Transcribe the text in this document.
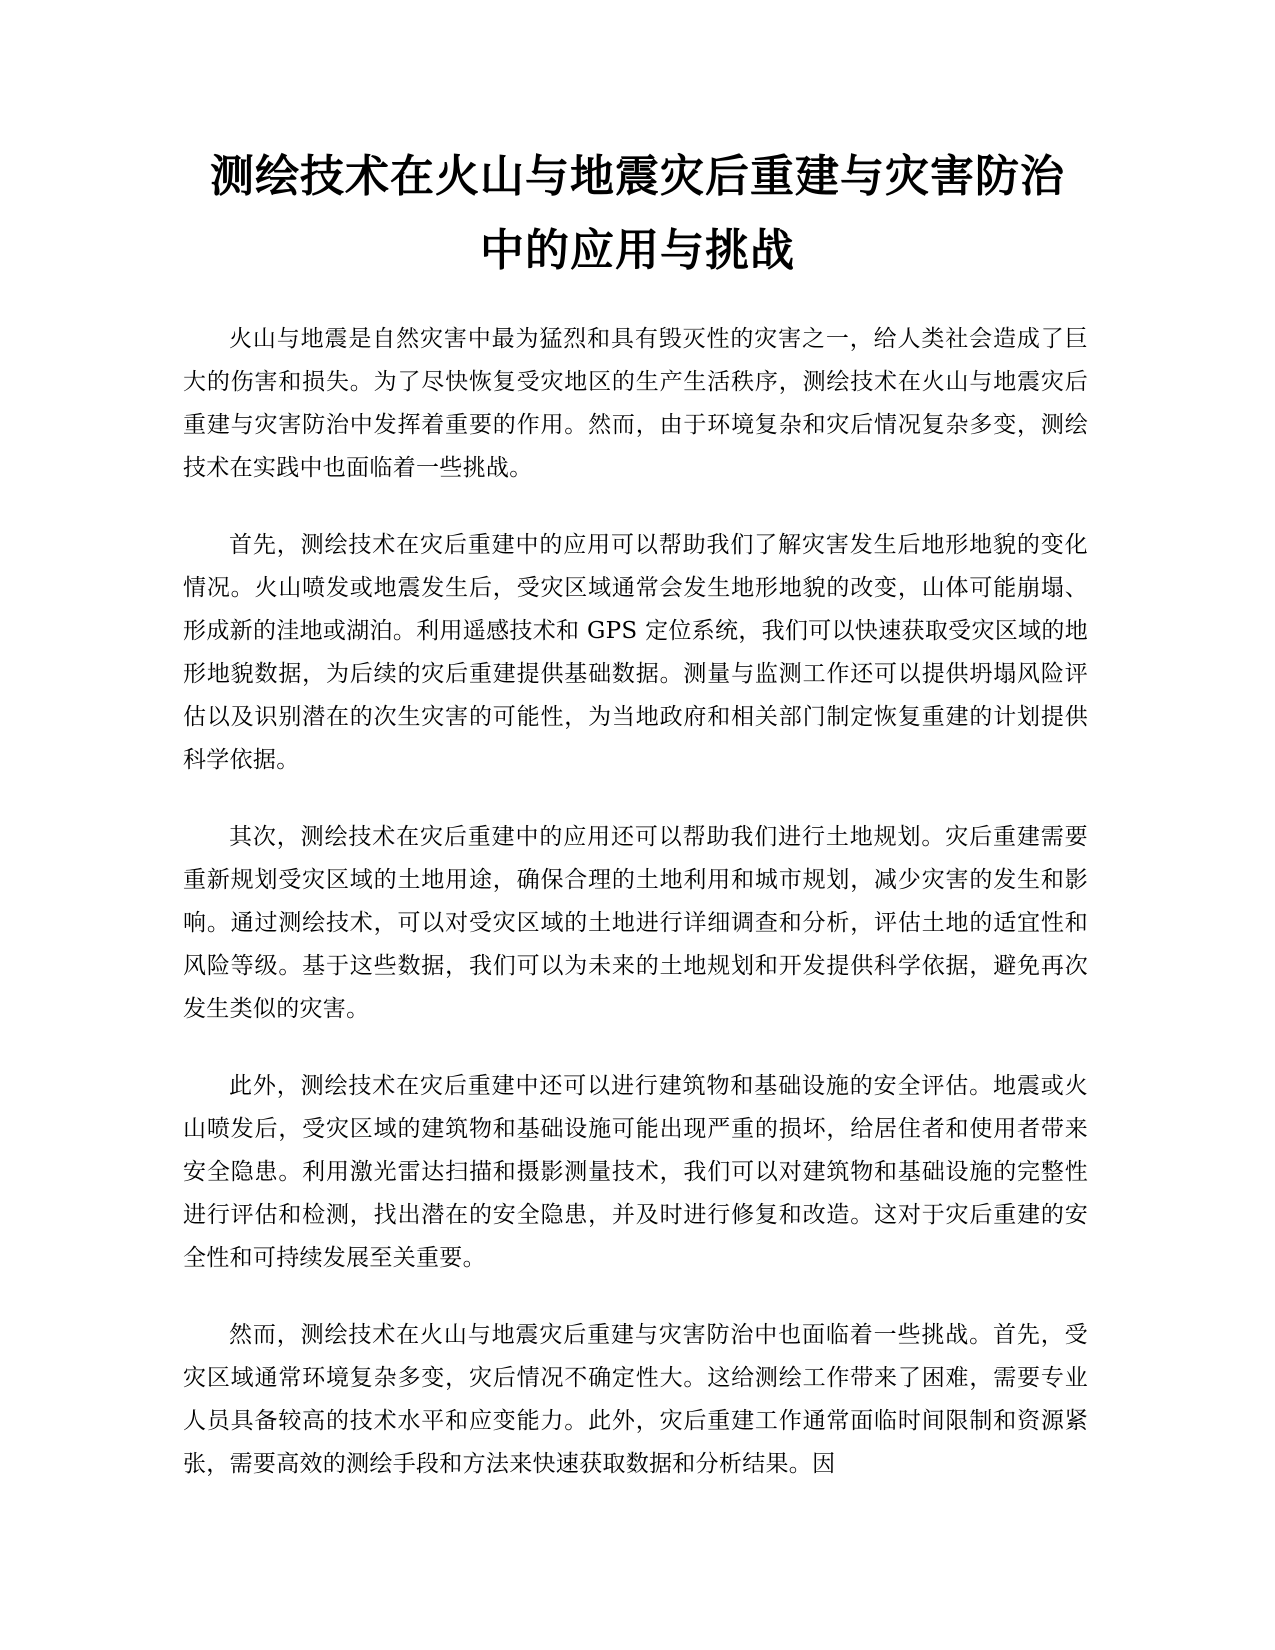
测绘技术在火山与地震灾后重建与灾害防治
中的应用与挑战

火山与地震是自然灾害中最为猛烈和具有毁灭性的灾害之一，给人类社会造成了巨大的伤害和损失。为了尽快恢复受灾地区的生产生活秩序，测绘技术在火山与地震灾后重建与灾害防治中发挥着重要的作用。然而，由于环境复杂和灾后情况复杂多变，测绘技术在实践中也面临着一些挑战。

首先，测绘技术在灾后重建中的应用可以帮助我们了解灾害发生后地形地貌的变化情况。火山喷发或地震发生后，受灾区域通常会发生地形地貌的改变，山体可能崩塌、形成新的洼地或湖泊。利用遥感技术和 GPS 定位系统，我们可以快速获取受灾区域的地形地貌数据，为后续的灾后重建提供基础数据。测量与监测工作还可以提供坍塌风险评估以及识别潜在的次生灾害的可能性，为当地政府和相关部门制定恢复重建的计划提供科学依据。

其次，测绘技术在灾后重建中的应用还可以帮助我们进行土地规划。灾后重建需要重新规划受灾区域的土地用途，确保合理的土地利用和城市规划，减少灾害的发生和影响。通过测绘技术，可以对受灾区域的土地进行详细调查和分析，评估土地的适宜性和风险等级。基于这些数据，我们可以为未来的土地规划和开发提供科学依据，避免再次发生类似的灾害。

此外，测绘技术在灾后重建中还可以进行建筑物和基础设施的安全评估。地震或火山喷发后，受灾区域的建筑物和基础设施可能出现严重的损坏，给居住者和使用者带来安全隐患。利用激光雷达扫描和摄影测量技术，我们可以对建筑物和基础设施的完整性进行评估和检测，找出潜在的安全隐患，并及时进行修复和改造。这对于灾后重建的安全性和可持续发展至关重要。

然而，测绘技术在火山与地震灾后重建与灾害防治中也面临着一些挑战。首先，受灾区域通常环境复杂多变，灾后情况不确定性大。这给测绘工作带来了困难，需要专业人员具备较高的技术水平和应变能力。此外，灾后重建工作通常面临时间限制和资源紧张，需要高效的测绘手段和方法来快速获取数据和分析结果。因
